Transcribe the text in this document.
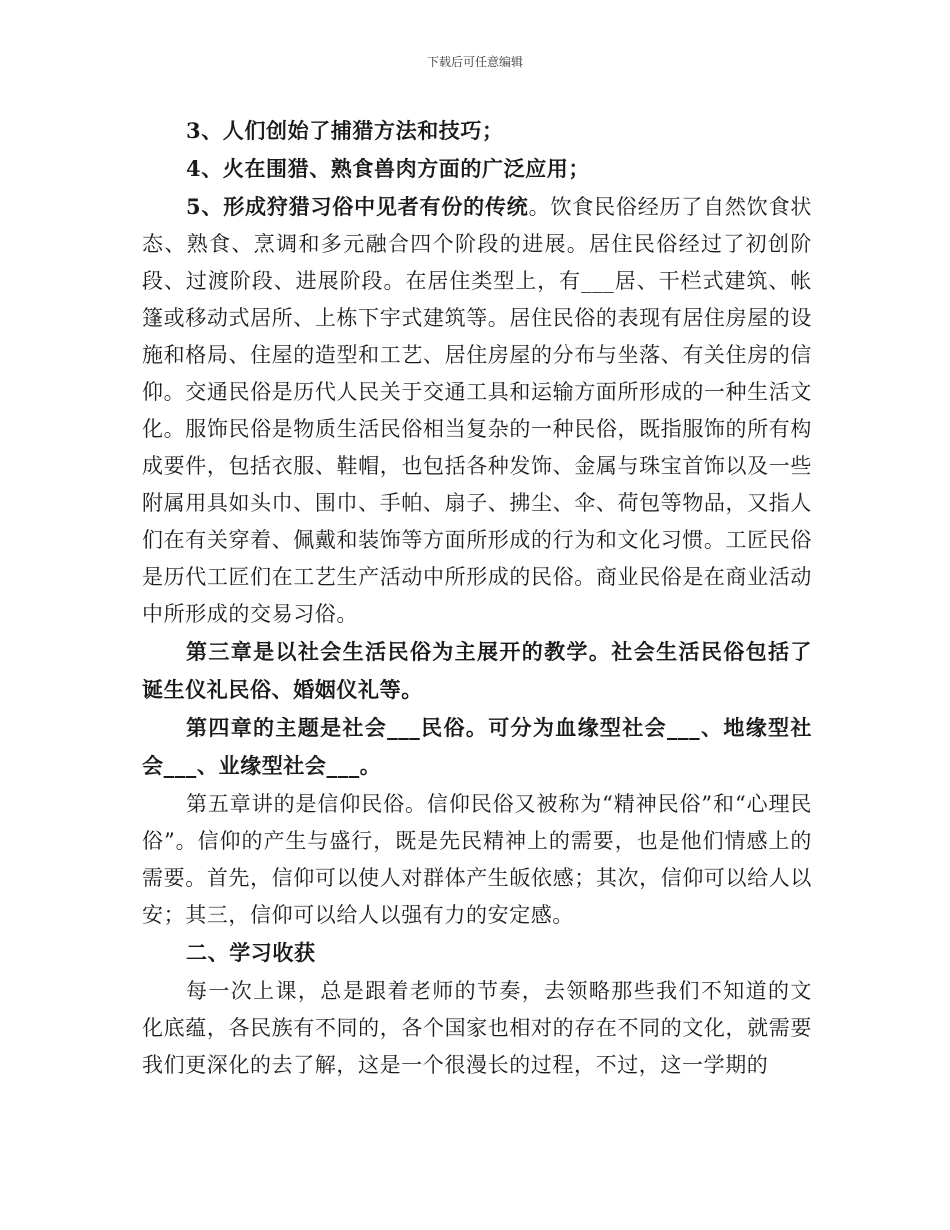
下载后可任意编辑

3、人们创始了捕猎方法和技巧；

4、火在围猎、熟食兽肉方面的广泛应用；

5、形成狩猎习俗中见者有份的传统。饮食民俗经历了自然饮食状态、熟食、烹调和多元融合四个阶段的进展。居住民俗经过了初创阶段、过渡阶段、进展阶段。在居住类型上，有___居、干栏式建筑、帐篷或移动式居所、上栋下宇式建筑等。居住民俗的表现有居住房屋的设施和格局、住屋的造型和工艺、居住房屋的分布与坐落、有关住房的信仰。交通民俗是历代人民关于交通工具和运输方面所形成的一种生活文化。服饰民俗是物质生活民俗相当复杂的一种民俗，既指服饰的所有构成要件，包括衣服、鞋帽，也包括各种发饰、金属与珠宝首饰以及一些附属用具如头巾、围巾、手帕、扇子、拂尘、伞、荷包等物品，又指人们在有关穿着、佩戴和装饰等方面所形成的行为和文化习惯。工匠民俗是历代工匠们在工艺生产活动中所形成的民俗。商业民俗是在商业活动中所形成的交易习俗。

第三章是以社会生活民俗为主展开的教学。社会生活民俗包括了诞生仪礼民俗、婚姻仪礼等。

第四章的主题是社会___民俗。可分为血缘型社会___、地缘型社会___、业缘型社会___。

第五章讲的是信仰民俗。信仰民俗又被称为“精神民俗”和“心理民俗”。信仰的产生与盛行，既是先民精神上的需要，也是他们情感上的需要。首先，信仰可以使人对群体产生皈依感；其次，信仰可以给人以安；其三，信仰可以给人以强有力的安定感。

二、学习收获

每一次上课，总是跟着老师的节奏，去领略那些我们不知道的文化底蕴，各民族有不同的，各个国家也相对的存在不同的文化，就需要我们更深化的去了解，这是一个很漫长的过程，不过，这一学期的
